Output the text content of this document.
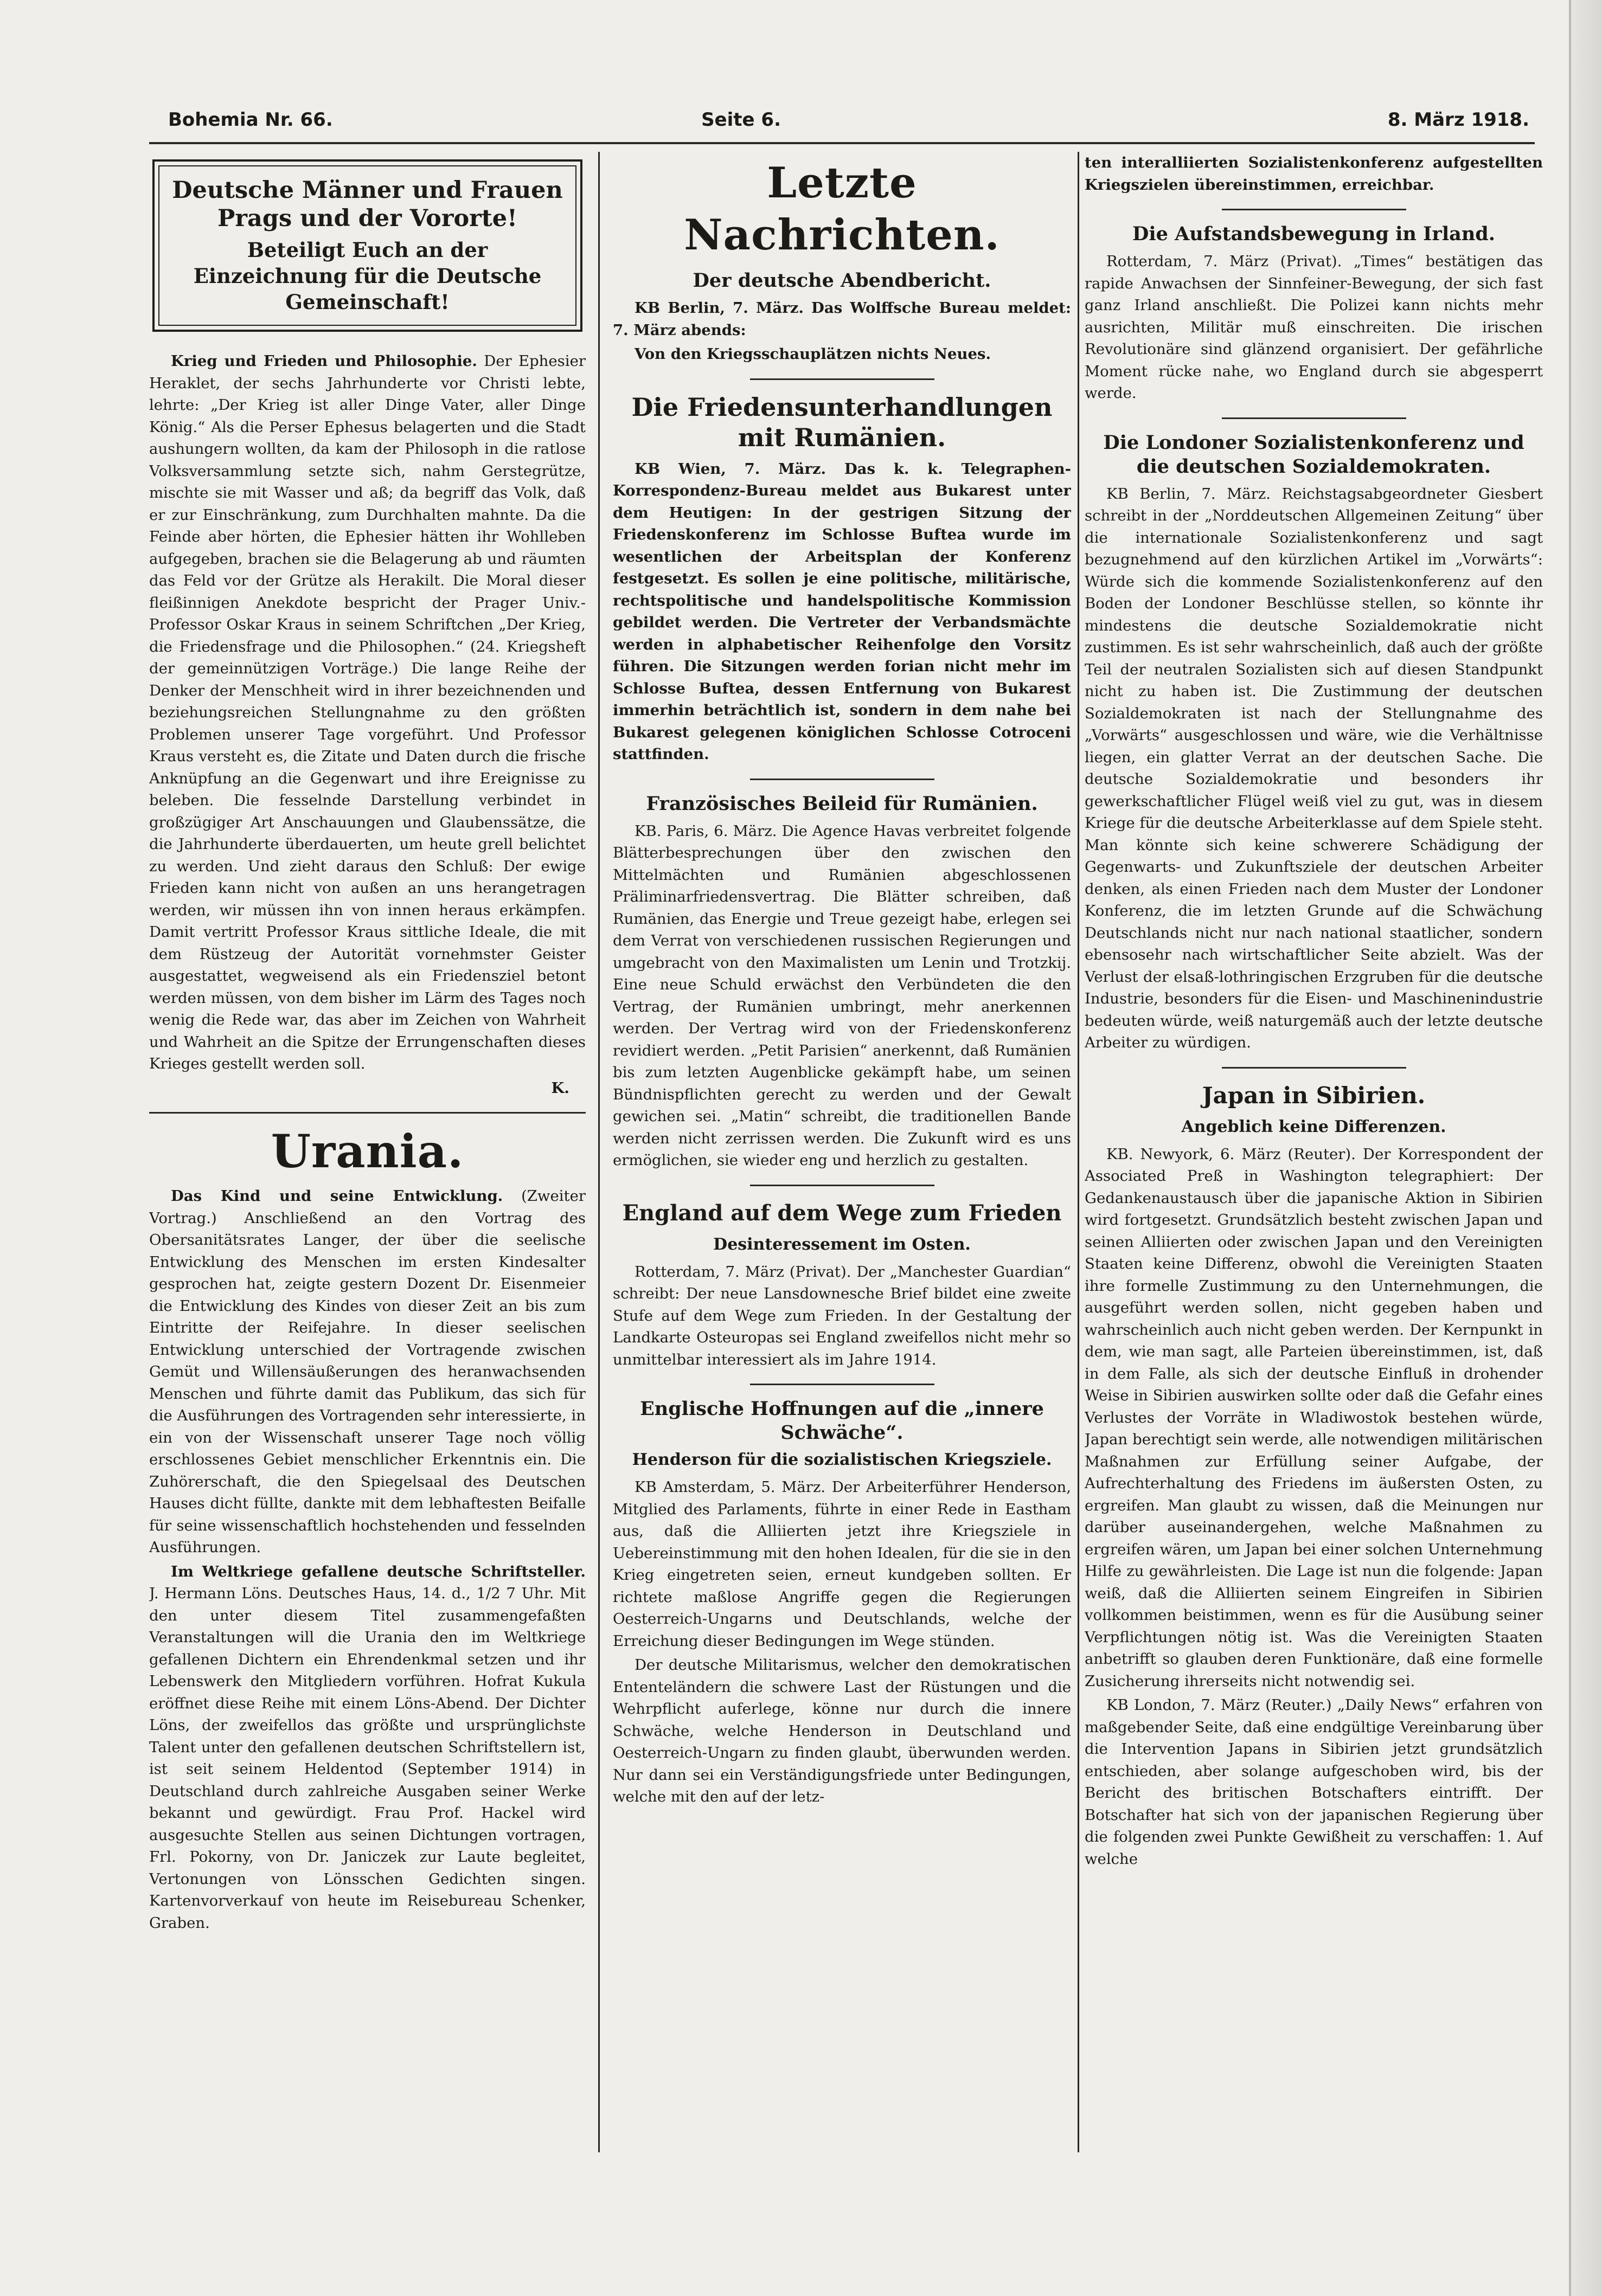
Bohemia Nr. 66.	Seite 6.	8. März 1918.
Deutsche Männer und Frauen Prags und der Vororte!
Beteiligt Euch an der Einzeichnung für die Deutsche Gemeinschaft!

Krieg und Frieden und Philosophie. Der Ephesier Heraklet, der sechs Jahrhunderte vor Christi lebte, lehrte: „Der Krieg ist aller Dinge Vater, aller Dinge König.“ Als die Perser Ephesus belagerten und die Stadt aushungern wollten, da kam der Philosoph in die ratlose Volksversammlung setzte sich, nahm Gerstegrütze, mischte sie mit Wasser und aß; da begriff das Volk, daß er zur Einschränkung, zum Durchhalten mahnte. Da die Feinde aber hörten, die Ephesier hätten ihr Wohlleben aufgegeben, brachen sie die Belagerung ab und räumten das Feld vor der Grütze als Herakilt. Die Moral dieser fleißinnigen Anekdote bespricht der Prager Univ.-Professor Oskar Kraus in seinem Schriftchen „Der Krieg, die Friedensfrage und die Philosophen.“ (24. Kriegsheft der gemeinnützigen Vorträge.) Die lange Reihe der Denker der Menschheit wird in ihrer bezeichnenden und beziehungsreichen Stellungnahme zu den größten Problemen unserer Tage vorgeführt. Und Professor Kraus versteht es, die Zitate und Daten durch die frische Anknüpfung an die Gegenwart und ihre Ereignisse zu beleben. Die fesselnde Darstellung verbindet in großzügiger Art Anschauungen und Glaubenssätze, die die Jahrhunderte überdauerten, um heute grell belichtet zu werden. Und zieht daraus den Schluß: Der ewige Frieden kann nicht von außen an uns herangetragen werden, wir müssen ihn von innen heraus erkämpfen. Damit vertritt Professor Kraus sittliche Ideale, die mit dem Rüstzeug der Autorität vornehmster Geister ausgestattet, wegweisend als ein Friedensziel betont werden müssen, von dem bisher im Lärm des Tages noch wenig die Rede war, das aber im Zeichen von Wahrheit und Wahrheit an die Spitze der Errungenschaften dieses Krieges gestellt werden soll.

K.
Urania.

Das Kind und seine Entwicklung. (Zweiter Vortrag.) Anschließend an den Vortrag des Obersanitätsrates Langer, der über die seelische Entwicklung des Menschen im ersten Kindesalter gesprochen hat, zeigte gestern Dozent Dr. Eisenmeier die Entwicklung des Kindes von dieser Zeit an bis zum Eintritte der Reifejahre. In dieser seelischen Entwicklung unterschied der Vortragende zwischen Gemüt und Willensäußerungen des heranwachsenden Menschen und führte damit das Publikum, das sich für die Ausführungen des Vortragenden sehr interessierte, in ein von der Wissenschaft unserer Tage noch völlig erschlossenes Gebiet menschlicher Erkenntnis ein. Die Zuhörerschaft, die den Spiegelsaal des Deutschen Hauses dicht füllte, dankte mit dem lebhaftesten Beifalle für seine wissenschaftlich hochstehenden und fesselnden Ausführungen.

Im Weltkriege gefallene deutsche Schriftsteller. J. Hermann Löns. Deutsches Haus, 14. d., 1/2 7 Uhr. Mit den unter diesem Titel zusammengefaßten Veranstaltungen will die Urania den im Weltkriege gefallenen Dichtern ein Ehrendenkmal setzen und ihr Lebenswerk den Mitgliedern vorführen. Hofrat Kukula eröffnet diese Reihe mit einem Löns-Abend. Der Dichter Löns, der zweifellos das größte und ursprünglichste Talent unter den gefallenen deutschen Schriftstellern ist, ist seit seinem Heldentod (September 1914) in Deutschland durch zahlreiche Ausgaben seiner Werke bekannt und gewürdigt. Frau Prof. Hackel wird ausgesuchte Stellen aus seinen Dichtungen vortragen, Frl. Pokorny, von Dr. Janiczek zur Laute begleitet, Vertonungen von Lönsschen Gedichten singen. Kartenvorverkauf von heute im Reisebureau Schenker, Graben.

Letzte Nachrichten.
Der deutsche Abendbericht.

KB Berlin, 7. März. Das Wolffsche Bureau meldet: 7. März abends:

Von den Kriegsschauplätzen nichts Neues.

Die Friedensunterhandlungen mit Rumänien.

KB Wien, 7. März. Das k. k. Telegraphen-Korrespondenz-Bureau meldet aus Bukarest unter dem Heutigen: In der gestrigen Sitzung der Friedenskonferenz im Schlosse Buftea wurde im wesentlichen der Arbeitsplan der Konferenz festgesetzt. Es sollen je eine politische, militärische, rechtspolitische und handelspolitische Kommission gebildet werden. Die Vertreter der Verbandsmächte werden in alphabetischer Reihenfolge den Vorsitz führen. Die Sitzungen werden forian nicht mehr im Schlosse Buftea, dessen Entfernung von Bukarest immerhin beträchtlich ist, sondern in dem nahe bei Bukarest gelegenen königlichen Schlosse Cotroceni stattfinden.

Französisches Beileid für Rumänien.

KB. Paris, 6. März. Die Agence Havas verbreitet folgende Blätterbesprechungen über den zwischen den Mittelmächten und Rumänien abgeschlossenen Präliminarfriedensvertrag. Die Blätter schreiben, daß Rumänien, das Energie und Treue gezeigt habe, erlegen sei dem Verrat von verschiedenen russischen Regierungen und umgebracht von den Maximalisten um Lenin und Trotzkij. Eine neue Schuld erwächst den Verbündeten die den Vertrag, der Rumänien umbringt, mehr anerkennen werden. Der Vertrag wird von der Friedenskonferenz revidiert werden. „Petit Parisien“ anerkennt, daß Rumänien bis zum letzten Augenblicke gekämpft habe, um seinen Bündnispflichten gerecht zu werden und der Gewalt gewichen sei. „Matin“ schreibt, die traditionellen Bande werden nicht zerrissen werden. Die Zukunft wird es uns ermöglichen, sie wieder eng und herzlich zu gestalten.

England auf dem Wege zum Frieden
Desinteressement im Osten.

Rotterdam, 7. März (Privat). Der „Manchester Guardian“ schreibt: Der neue Lansdownesche Brief bildet eine zweite Stufe auf dem Wege zum Frieden. In der Gestaltung der Landkarte Osteuropas sei England zweifellos nicht mehr so unmittelbar interessiert als im Jahre 1914.

Englische Hoffnungen auf die „innere Schwäche“.
Henderson für die sozialistischen Kriegsziele.

KB Amsterdam, 5. März. Der Arbeiterführer Henderson, Mitglied des Parlaments, führte in einer Rede in Eastham aus, daß die Alliierten jetzt ihre Kriegsziele in Uebereinstimmung mit den hohen Idealen, für die sie in den Krieg eingetreten seien, erneut kundgeben sollten. Er richtete maßlose Angriffe gegen die Regierungen Oesterreich-Ungarns und Deutschlands, welche der Erreichung dieser Bedingungen im Wege stünden.

Der deutsche Militarismus, welcher den demokratischen Ententeländern die schwere Last der Rüstungen und die Wehrpflicht auferlege, könne nur durch die innere Schwäche, welche Henderson in Deutschland und Oesterreich-Ungarn zu finden glaubt, überwunden werden. Nur dann sei ein Verständigungsfriede unter Bedingungen, welche mit den auf der letz-

ten interalliierten Sozialistenkonferenz aufgestellten Kriegszielen übereinstimmen, erreichbar.

Die Aufstandsbewegung in Irland.

Rotterdam, 7. März (Privat). „Times“ bestätigen das rapide Anwachsen der Sinnfeiner-Bewegung, der sich fast ganz Irland anschließt. Die Polizei kann nichts mehr ausrichten, Militär muß einschreiten. Die irischen Revolutionäre sind glänzend organisiert. Der gefährliche Moment rücke nahe, wo England durch sie abgesperrt werde.

Die Londoner Sozialistenkonferenz und die deutschen Sozialdemokraten.

KB Berlin, 7. März. Reichstagsabgeordneter Giesbert schreibt in der „Norddeutschen Allgemeinen Zeitung“ über die internationale Sozialistenkonferenz und sagt bezugnehmend auf den kürzlichen Artikel im „Vorwärts“: Würde sich die kommende Sozialistenkonferenz auf den Boden der Londoner Beschlüsse stellen, so könnte ihr mindestens die deutsche Sozialdemokratie nicht zustimmen. Es ist sehr wahrscheinlich, daß auch der größte Teil der neutralen Sozialisten sich auf diesen Standpunkt nicht zu haben ist. Die Zustimmung der deutschen Sozialdemokraten ist nach der Stellungnahme des „Vorwärts“ ausgeschlossen und wäre, wie die Verhältnisse liegen, ein glatter Verrat an der deutschen Sache. Die deutsche Sozialdemokratie und besonders ihr gewerkschaftlicher Flügel weiß viel zu gut, was in diesem Kriege für die deutsche Arbeiterklasse auf dem Spiele steht. Man könnte sich keine schwerere Schädigung der Gegenwarts- und Zukunftsziele der deutschen Arbeiter denken, als einen Frieden nach dem Muster der Londoner Konferenz, die im letzten Grunde auf die Schwächung Deutschlands nicht nur nach national staatlicher, sondern ebensosehr nach wirtschaftlicher Seite abzielt. Was der Verlust der elsaß-lothringischen Erzgruben für die deutsche Industrie, besonders für die Eisen- und Maschinenindustrie bedeuten würde, weiß naturgemäß auch der letzte deutsche Arbeiter zu würdigen.

Japan in Sibirien.
Angeblich keine Differenzen.

KB. Newyork, 6. März (Reuter). Der Korrespondent der Associated Preß in Washington telegraphiert: Der Gedankenaustausch über die japanische Aktion in Sibirien wird fortgesetzt. Grundsätzlich besteht zwischen Japan und seinen Alliierten oder zwischen Japan und den Vereinigten Staaten keine Differenz, obwohl die Vereinigten Staaten ihre formelle Zustimmung zu den Unternehmungen, die ausgeführt werden sollen, nicht gegeben haben und wahrscheinlich auch nicht geben werden. Der Kernpunkt in dem, wie man sagt, alle Parteien übereinstimmen, ist, daß in dem Falle, als sich der deutsche Einfluß in drohender Weise in Sibirien auswirken sollte oder daß die Gefahr eines Verlustes der Vorräte in Wladiwostok bestehen würde, Japan berechtigt sein werde, alle notwendigen militärischen Maßnahmen zur Erfüllung seiner Aufgabe, der Aufrechterhaltung des Friedens im äußersten Osten, zu ergreifen. Man glaubt zu wissen, daß die Meinungen nur darüber auseinandergehen, welche Maßnahmen zu ergreifen wären, um Japan bei einer solchen Unternehmung Hilfe zu gewährleisten. Die Lage ist nun die folgende: Japan weiß, daß die Alliierten seinem Eingreifen in Sibirien vollkommen beistimmen, wenn es für die Ausübung seiner Verpflichtungen nötig ist. Was die Vereinigten Staaten anbetrifft so glauben deren Funktionäre, daß eine formelle Zusicherung ihrerseits nicht notwendig sei.

KB London, 7. März (Reuter.) „Daily News“ erfahren von maßgebender Seite, daß eine endgültige Vereinbarung über die Intervention Japans in Sibirien jetzt grundsätzlich entschieden, aber solange aufgeschoben wird, bis der Bericht des britischen Botschafters eintrifft. Der Botschafter hat sich von der japanischen Regierung über die folgenden zwei Punkte Gewißheit zu verschaffen: 1. Auf welche
